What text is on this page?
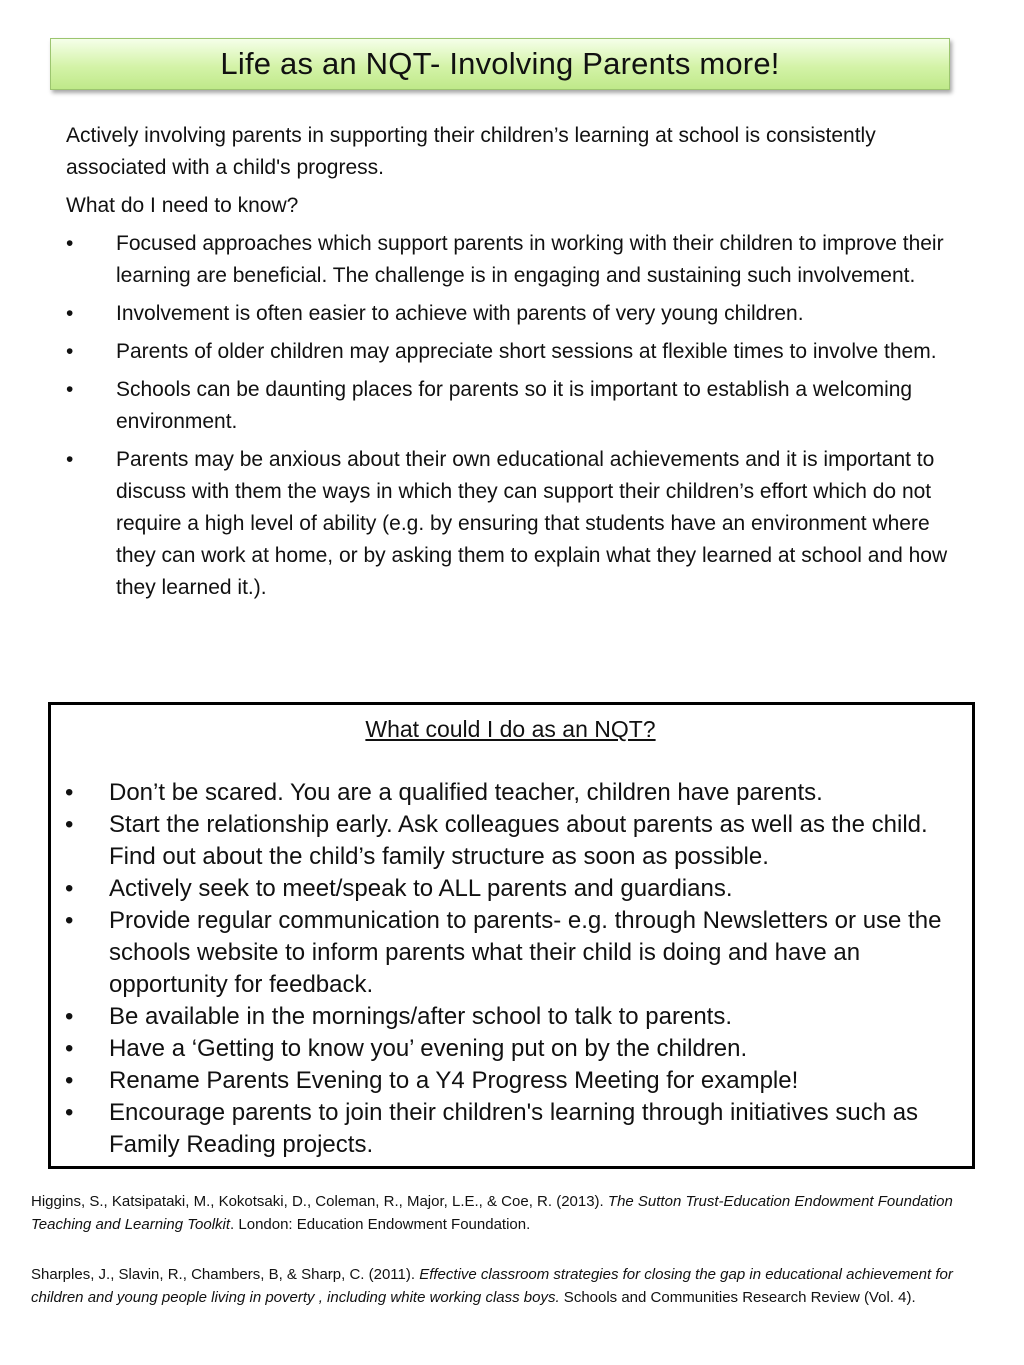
Life as an NQT- Involving Parents more!

Actively involving parents in supporting their children’s learning at school is consistently associated with a child's progress.

What do I need to know?

•	Focused approaches which support parents in working with their children to improve their learning are beneficial. The challenge is in engaging and sustaining such involvement.
•	Involvement is often easier to achieve with parents of very young children.
•	Parents of older children may appreciate short sessions at flexible times to involve them.
•	Schools can be daunting places for parents so it is important to establish a welcoming environment.
•	Parents may be anxious about their own educational achievements and it is important to discuss with them the ways in which they can support their children’s effort which do not require a high level of ability (e.g. by ensuring that students have an environment where they can work at home, or by asking them to explain what they learned at school and how they learned it.).
What could I do as an NQT?
• Don’t be scared. You are a qualified teacher, children have parents.
• Start the relationship early. Ask colleagues about parents as well as the child. Find out about the child’s family structure as soon as possible.
• Actively seek to meet/speak to ALL parents and guardians.
• Provide regular communication to parents- e.g. through Newsletters or use the schools website to inform parents what their child is doing and have an opportunity for feedback.
• Be available in the mornings/after school to talk to parents.
• Have a ‘Getting to know you’ evening put on by the children.
• Rename Parents Evening to a Y4 Progress Meeting for example!
• Encourage parents to join their children's learning through initiatives such as Family Reading projects.

Higgins, S., Katsipataki, M., Kokotsaki, D., Coleman, R., Major, L.E., & Coe, R. (2013). The Sutton Trust-Education Endowment Foundation Teaching and Learning Toolkit. London: Education Endowment Foundation.

Sharples, J., Slavin, R., Chambers, B, & Sharp, C. (2011). Effective classroom strategies for closing the gap in educational achievement for children and young people living in poverty , including white working class boys. Schools and Communities Research Review (Vol. 4).
